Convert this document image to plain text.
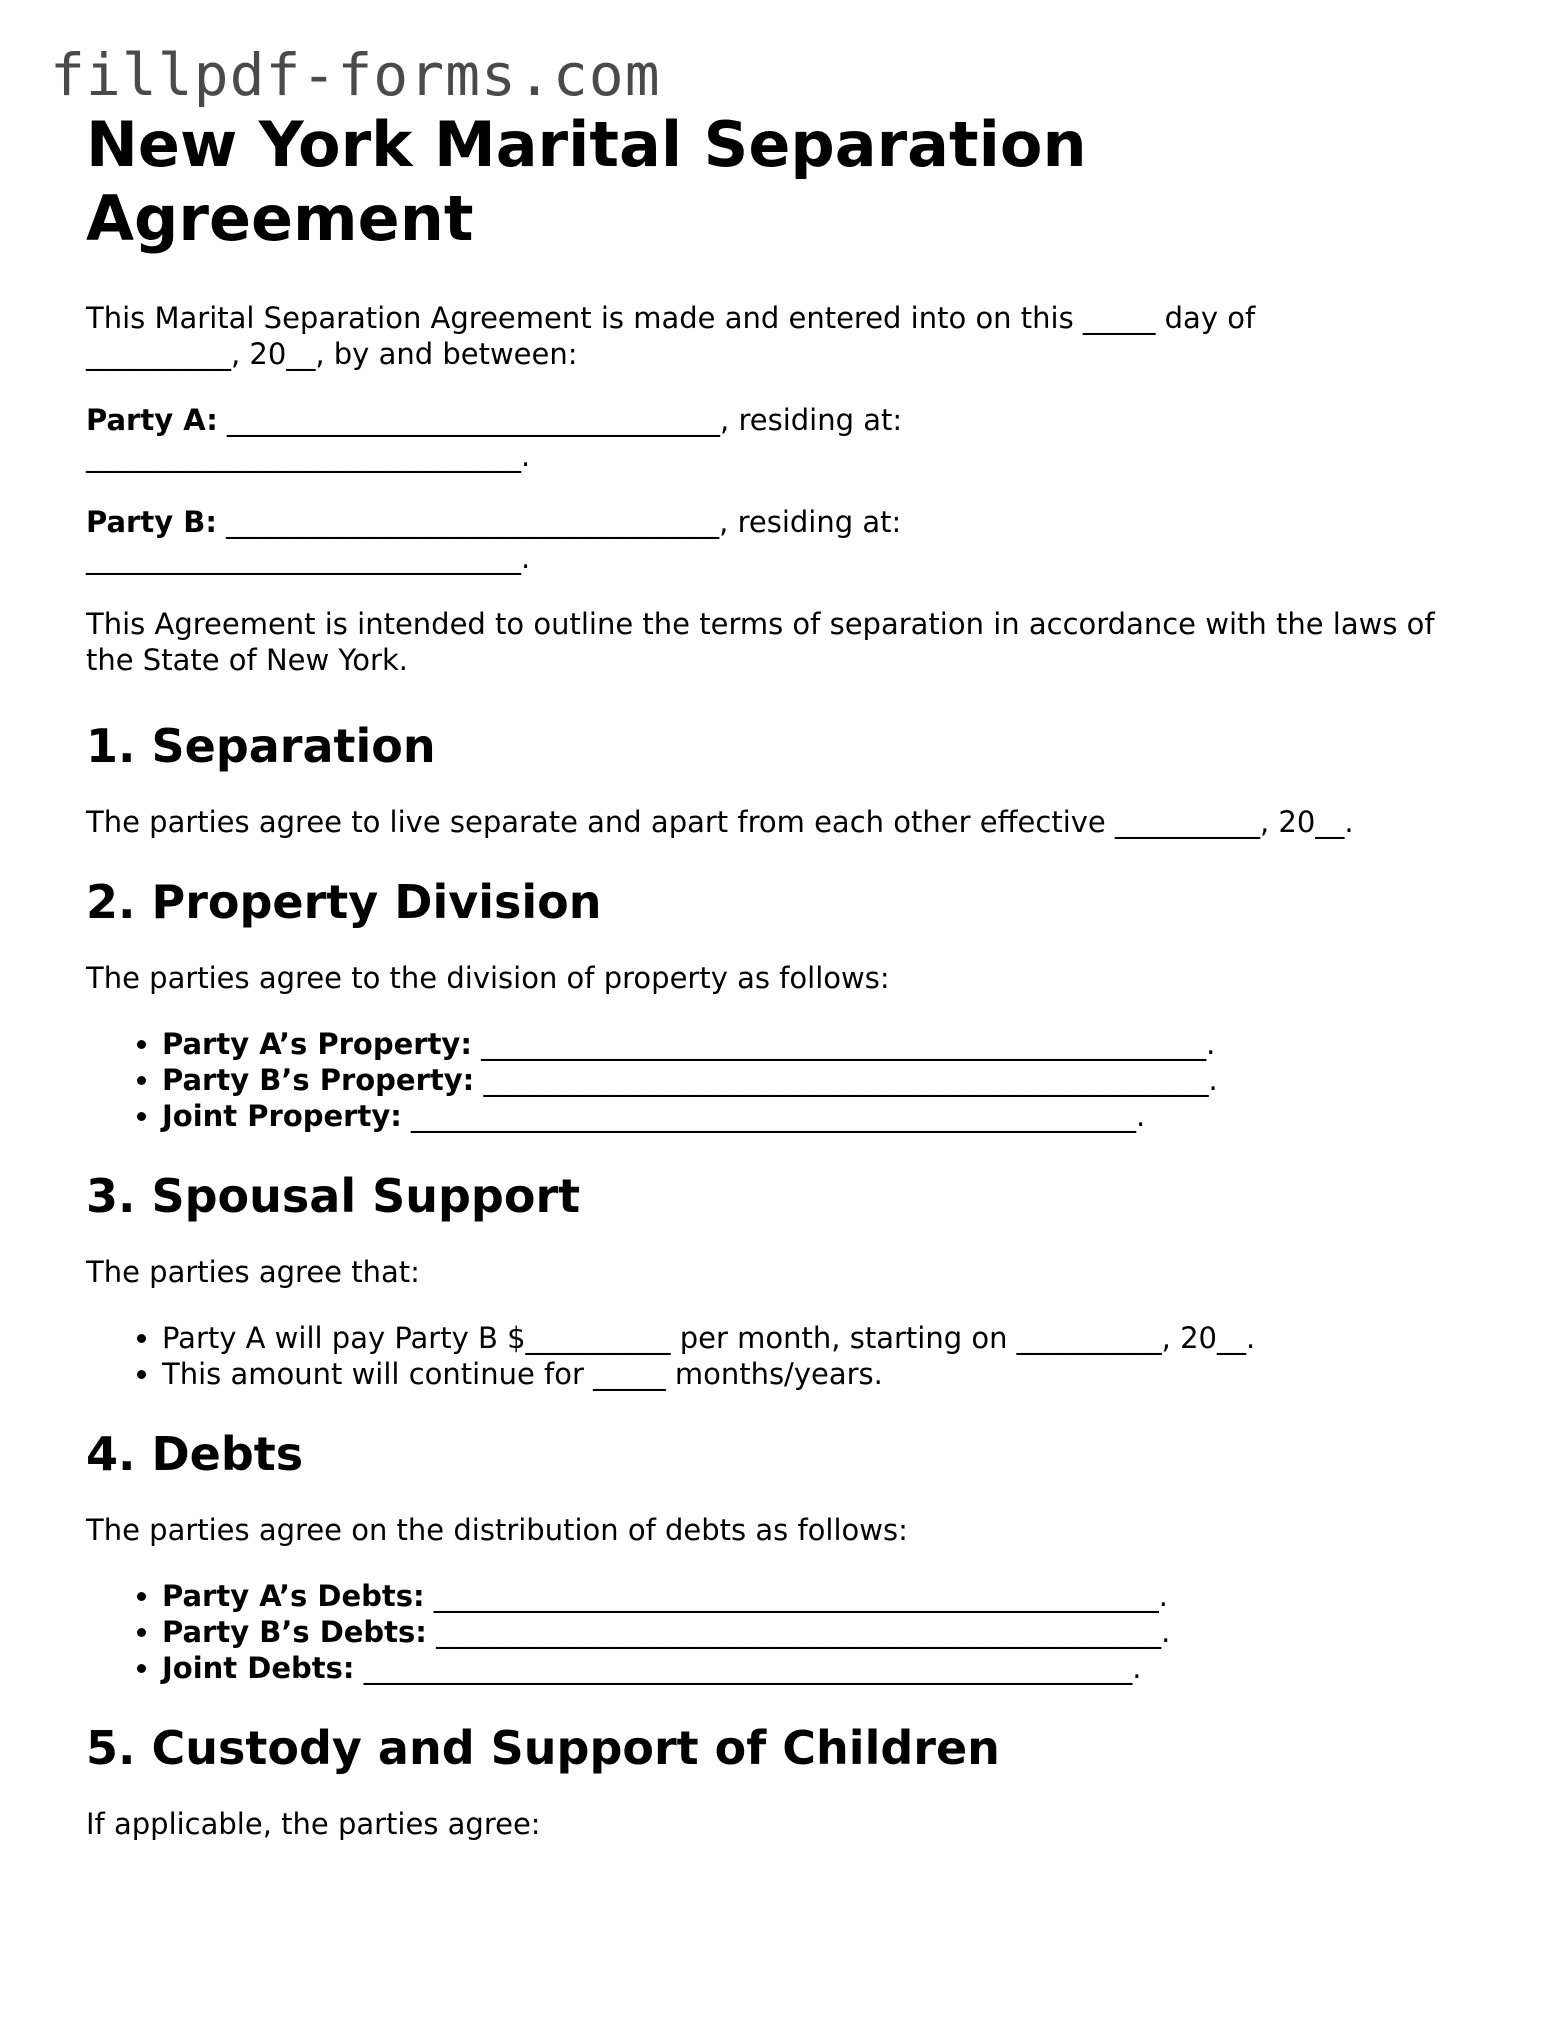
fillpdf-forms.com
New York Marital Separation Agreement

This Marital Separation Agreement is made and entered into on this _____ day of __________, 20__, by and between:

Party A: __________________________________, residing at: ______________________________.

Party B: __________________________________, residing at: ______________________________.

This Agreement is intended to outline the terms of separation in accordance with the laws of the State of New York.

1. Separation

The parties agree to live separate and apart from each other effective __________, 20__.

2. Property Division

The parties agree to the division of property as follows:

• Party A’s Property: __________________________________________________.
• Party B’s Property: __________________________________________________.
• Joint Property: __________________________________________________.
3. Spousal Support

The parties agree that:

• Party A will pay Party B $__________ per month, starting on __________, 20__.
• This amount will continue for _____ months/years.
4. Debts

The parties agree on the distribution of debts as follows:

• Party A’s Debts: __________________________________________________.
• Party B’s Debts: __________________________________________________.
• Joint Debts: _____________________________________________________.
5. Custody and Support of Children

If applicable, the parties agree:
